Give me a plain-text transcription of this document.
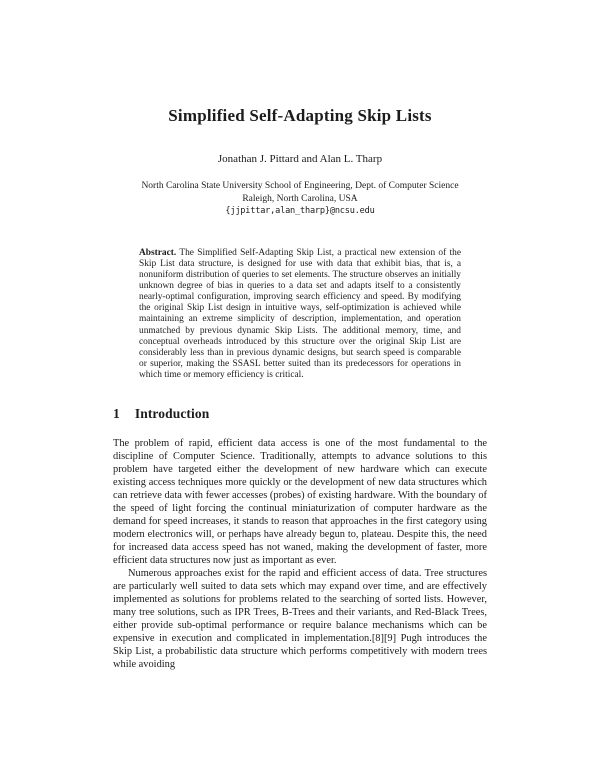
Simplified Self-Adapting Skip Lists
Jonathan J. Pittard and Alan L. Tharp
North Carolina State University School of Engineering, Dept. of Computer Science
Raleigh, North Carolina, USA
{jjpittar,alan_tharp}@ncsu.edu

Abstract. The Simplified Self-Adapting Skip List, a practical new extension of the Skip List data structure, is designed for use with data that exhibit bias, that is, a nonuniform distribution of queries to set elements. The structure observes an initially unknown degree of bias in queries to a data set and adapts itself to a consistently nearly-optimal configuration, improving search efficiency and speed. By modifying the original Skip List design in intuitive ways, self-optimization is achieved while maintaining an extreme simplicity of description, implementation, and operation unmatched by previous dynamic Skip Lists. The additional memory, time, and conceptual overheads introduced by this structure over the original Skip List are considerably less than in previous dynamic designs, but search speed is comparable or superior, making the SSASL better suited than its predecessors for operations in which time or memory efficiency is critical.

1 Introduction

The problem of rapid, efficient data access is one of the most fundamental to the discipline of Computer Science. Traditionally, attempts to advance solutions to this problem have targeted either the development of new hardware which can execute existing access techniques more quickly or the development of new data structures which can retrieve data with fewer accesses (probes) of existing hardware. With the boundary of the speed of light forcing the continual miniaturization of computer hardware as the demand for speed increases, it stands to reason that approaches in the first category using modern electronics will, or perhaps have already begun to, plateau. Despite this, the need for increased data access speed has not waned, making the development of faster, more efficient data structures now just as important as ever.

Numerous approaches exist for the rapid and efficient access of data. Tree structures are particularly well suited to data sets which may expand over time, and are effectively implemented as solutions for problems related to the searching of sorted lists. However, many tree solutions, such as IPR Trees, B-Trees and their variants, and Red-Black Trees, either provide sub-optimal performance or require balance mechanisms which can be expensive in execution and complicated in implementation.[8][9] Pugh introduces the Skip List, a probabilistic data structure which performs competitively with modern trees while avoiding
